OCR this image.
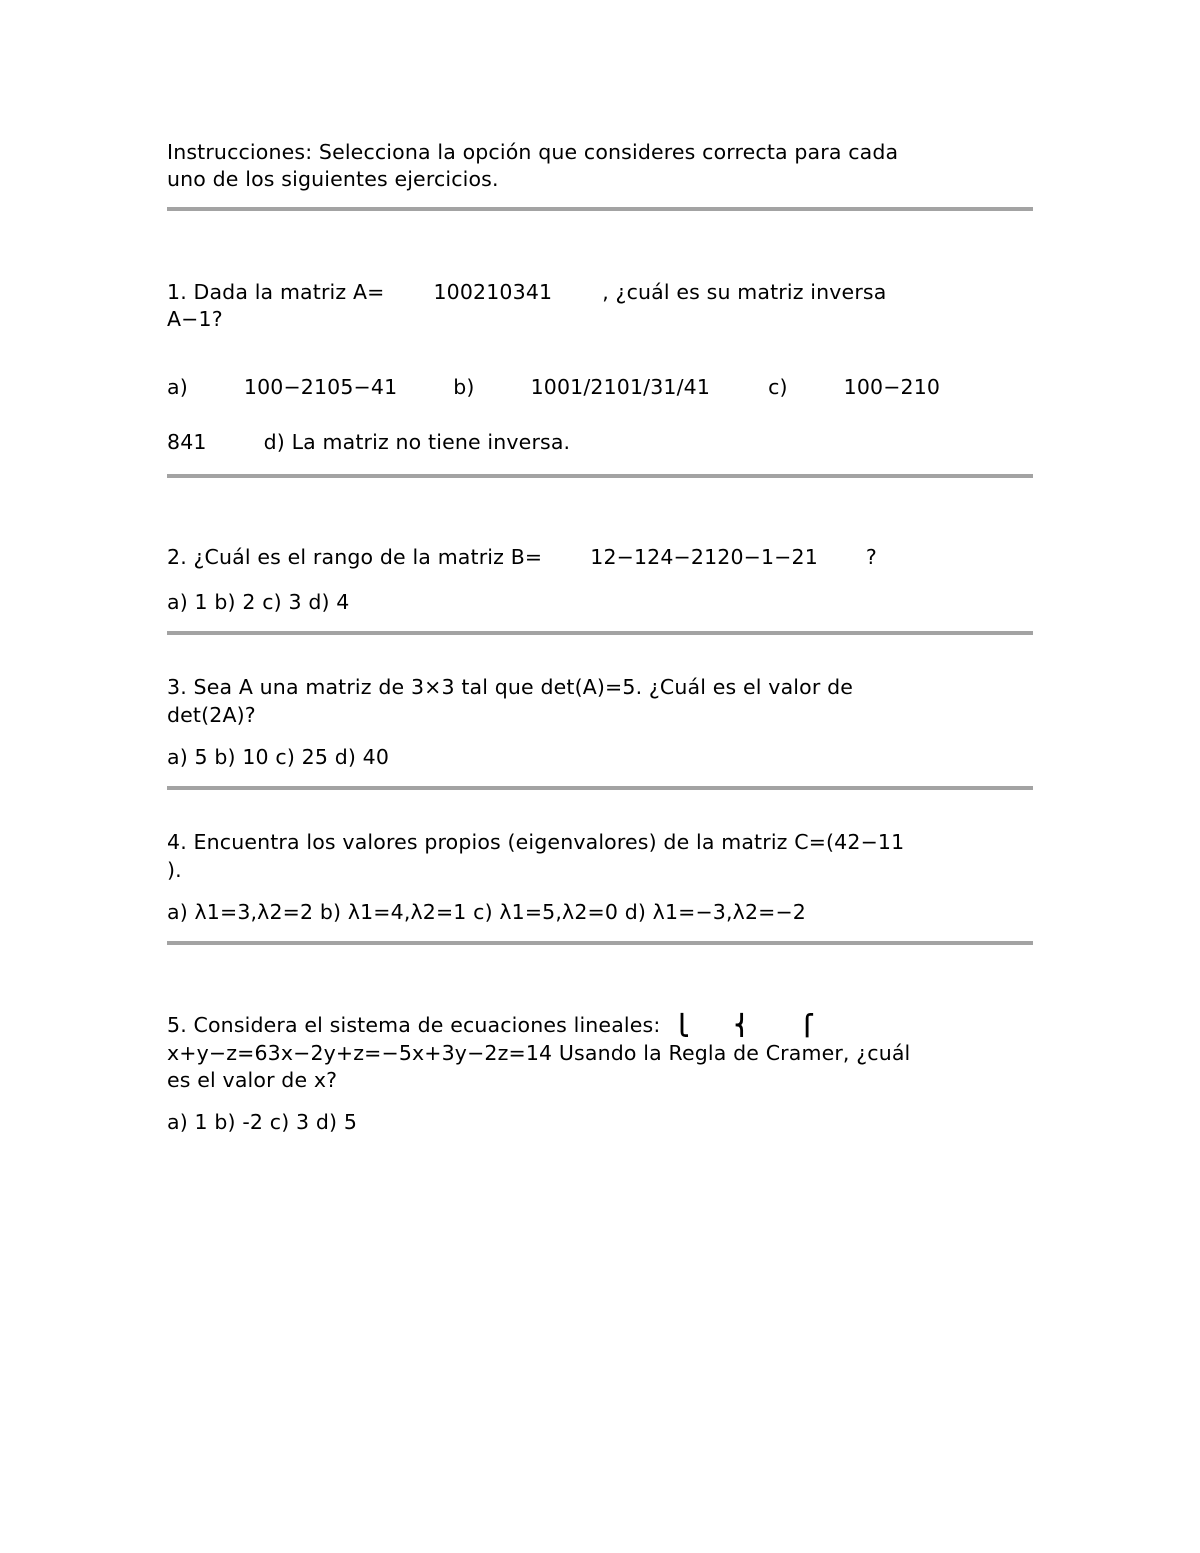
Instrucciones: Selecciona la opción que consideres correcta para cada
uno de los siguientes ejercicios.
1. Dada la matriz A= 100210341 , ¿cuál es su matriz inversa
A−1?
a)	100−2105−41	b)	1001/2101/31/41	c)	100−210
841	d) La matriz no tiene inversa.
2. ¿Cuál es el rango de la matriz B= 12−124−2120−1−21 ?
a) 1 b) 2 c) 3 d) 4
3. Sea A una matriz de 3×3 tal que det(A)=5. ¿Cuál es el valor de
det(2A)?
a) 5 b) 10 c) 25 d) 40
4. Encuentra los valores propios (eigenvalores) de la matriz C=(42−11
).
a) λ1=3,λ2=2 b) λ1=4,λ2=1 c) λ1=5,λ2=0 d) λ1=−3,λ2=−2
5. Considera el sistema de ecuaciones lineales: ⎩ ⎨ ⎧
x+y−z=63x−2y+z=−5x+3y−2z=14 Usando la Regla de Cramer, ¿cuál
es el valor de x?
a) 1 b) -2 c) 3 d) 5
